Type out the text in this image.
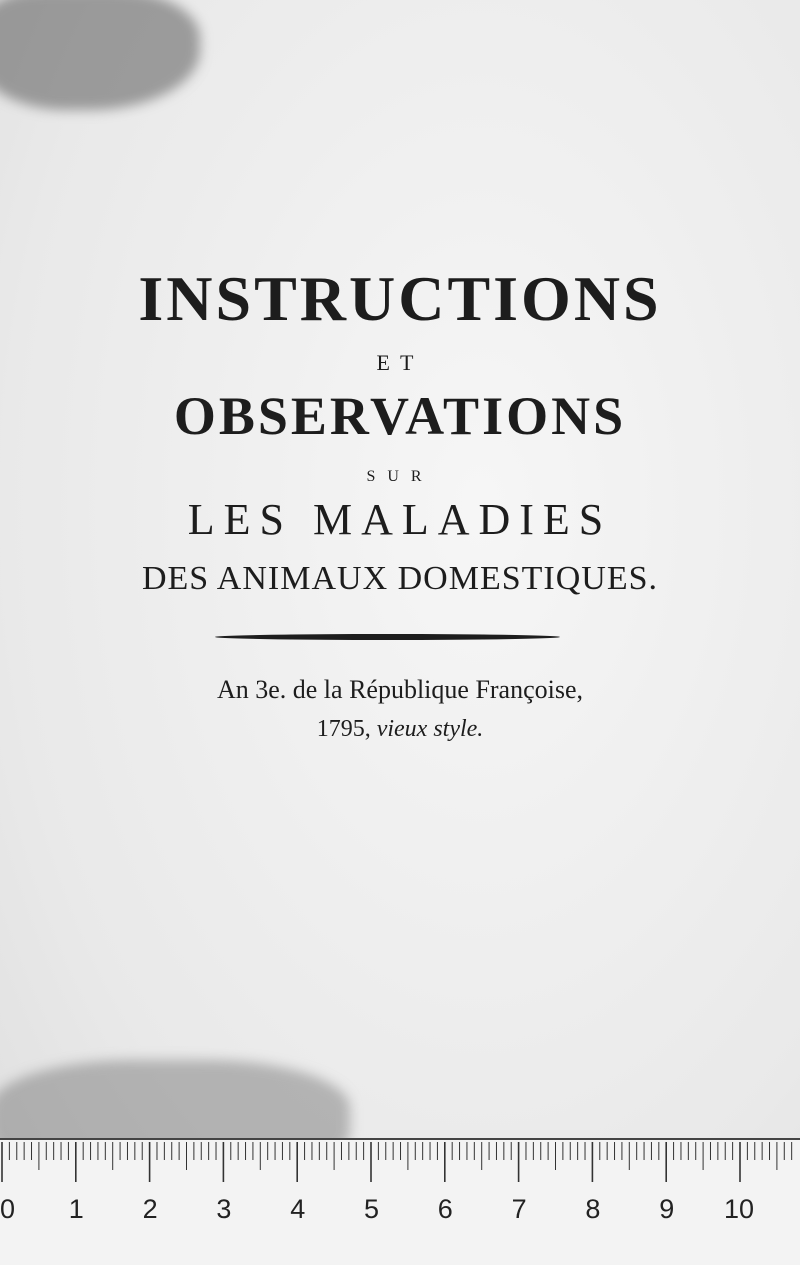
INSTRUCTIONS
ET
OBSERVATIONS
SUR
LES MALADIES
DES ANIMAUX DOMESTIQUES.
An 3e. de la République Françoise,
1795, vieux style.
0 1 2 3 4 5 6 7 8 9 10
